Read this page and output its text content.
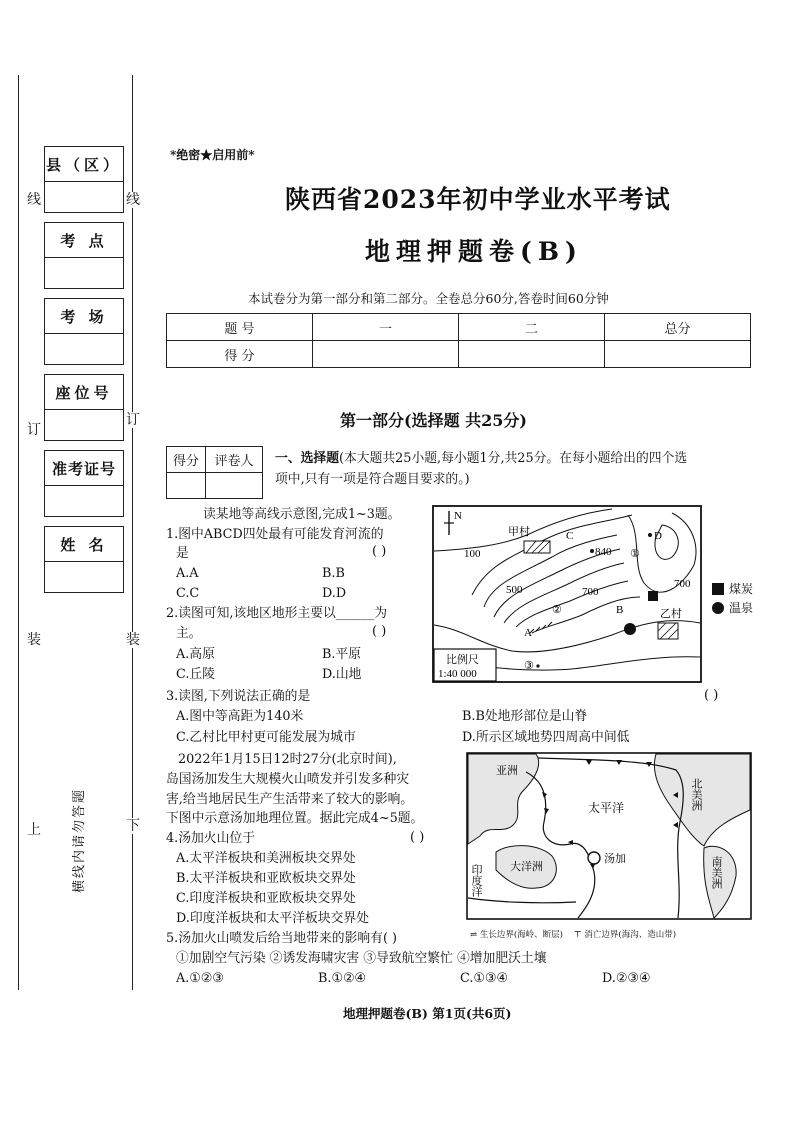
线	线
订
订
装	装
上	下
横线内请勿答题
县（区）
考 点
考 场
座位号
准考证号
姓 名
*绝密★启用前*
陕西省2023年初中学业水平考试
地理押题卷(B)
本试卷分为第一部分和第二部分。全卷总分60分,答卷时间60分钟
题 号	一	二	总分
得 分			
第一部分(选择题 共25分)
得分	评卷人
	一、选择题(本大题共25小题,每小题1分,共25分。在每小题给出的四个选
项中,只有一项是符合题目要求的。)
读某地等高线示意图,完成1~3题。
1.图中ABCD四处最有可能发育河流的
是	( )
A.A	B.B
C.C	D.D
2.读图可知,该地区地形主要以______为
主。	( )
A.高原	B.平原
C.丘陵	D.山地
3.读图,下列说法正确的是	( )
A.图中等高距为140米	B.B处地形部位是山脊
C.乙村比甲村更可能发展为城市	D.所示区域地势四周高中间低
2022年1月15日12时27分(北京时间),
岛国汤加发生大规模火山喷发并引发多种灾
害,给当地居民生产生活带来了较大的影响。
下图中示意汤加地理位置。据此完成4~5题。
4.汤加火山位于	( )
A.太平洋板块和美洲板块交界处
B.太平洋板块和亚欧板块交界处
C.印度洋板块和亚欧板块交界处
D.印度洋板块和太平洋板块交界处
5.汤加火山喷发后给当地带来的影响有( )
①加剧空气污染 ②诱发海啸灾害 ③导致航空繁忙 ④增加肥沃土壤
A.①②③	B.①②④	C.①③④	D.②③④
N
甲村
乙村
100
500	700
700
840
C	D
B
A
①
②
③
比例尺
1:40 000
煤炭
温泉
亚洲
北美洲
太平洋
大洋洲
汤加	南美洲
印度洋
⇌ 生长边界(海岭、断层) ⊤ 消亡边界(海沟、造山带)
地理押题卷(B) 第1页(共6页)
